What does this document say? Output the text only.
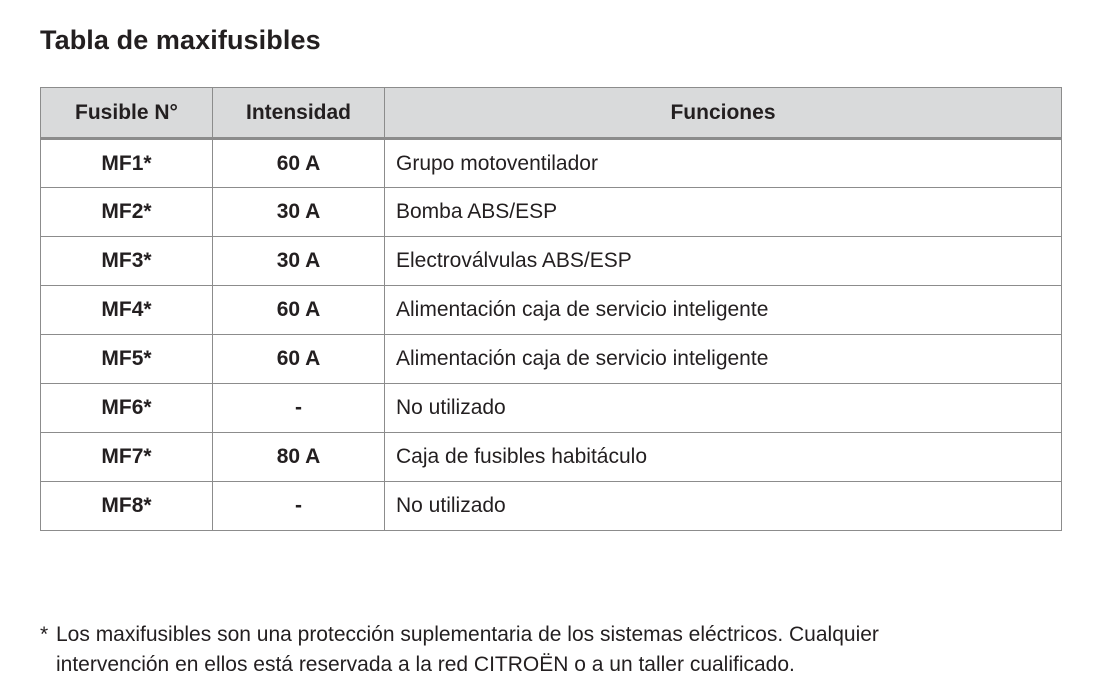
Tabla de maxifusibles
Fusible N°	Intensidad	Funciones
MF1*	60 A	Grupo motoventilador
MF2*	30 A	Bomba ABS/ESP
MF3*	30 A	Electroválvulas ABS/ESP
MF4*	60 A	Alimentación caja de servicio inteligente
MF5*	60 A	Alimentación caja de servicio inteligente
MF6*	-	No utilizado
MF7*	80 A	Caja de fusibles habitáculo
MF8*	-	No utilizado
* Los maxifusibles son una protección suplementaria de los sistemas eléctricos. Cualquier
intervención en ellos está reservada a la red CITROËN o a un taller cualificado.
